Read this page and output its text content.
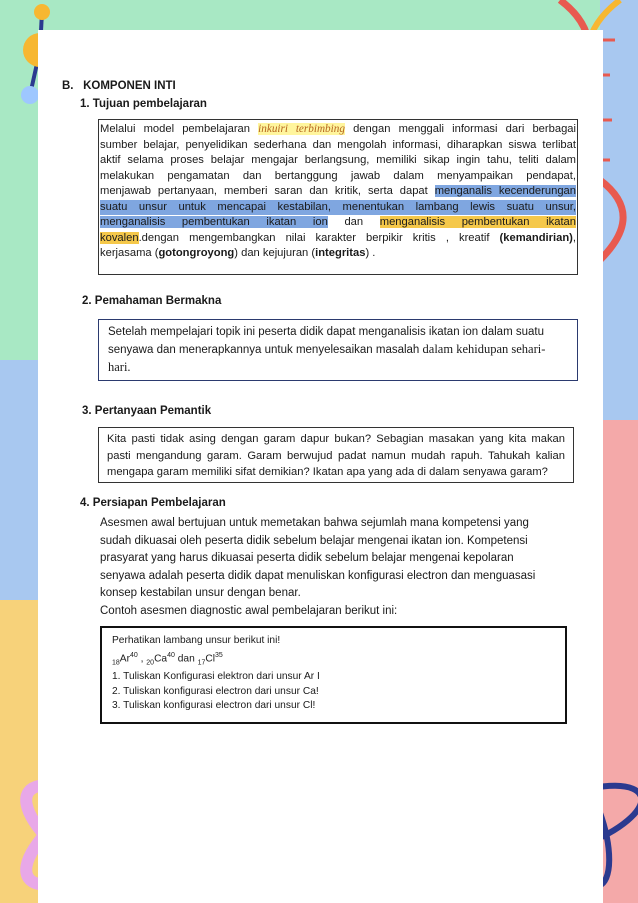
B. KOMPONEN INTI
1. Tujuan pembelajaran
Melalui model pembelajaran inkuiri terbimbing dengan menggali informasi dari berbagai
sumber belajar, penyelidikan sederhana dan mengolah informasi, diharapkan siswa terlibat
aktif selama proses belajar mengajar berlangsung, memiliki sikap ingin tahu, teliti dalam
melakukan pengamatan dan bertanggung jawab dalam menyampaikan pendapat,
menjawab pertanyaan, memberi saran dan kritik, serta dapat menganalis kecenderungan
suatu unsur untuk mencapai kestabilan, menentukan lambang lewis suatu unsur,
menganalisis pembentukan ikatan ion dan menganalisis pembentukan ikatan
kovalen.dengan mengembangkan nilai karakter berpikir kritis , kreatif (kemandirian),
kerjasama (gotongroyong) dan kejujuran (integritas) .
2. Pemahaman Bermakna
Setelah mempelajari topik ini peserta didik dapat menganalisis ikatan ion dalam suatu
senyawa dan menerapkannya untuk menyelesaikan masalah dalam kehidupan sehari-
hari.
3. Pertanyaan Pemantik
Kita pasti tidak asing dengan garam dapur bukan? Sebagian masakan yang kita makan
pasti mengandung garam. Garam berwujud padat namun mudah rapuh. Tahukah kalian
mengapa garam memiliki sifat demikian? Ikatan apa yang ada di dalam senyawa garam?
4. Persiapan Pembelajaran
Asesmen awal bertujuan untuk memetakan bahwa sejumlah mana kompetensi yang
sudah dikuasai oleh peserta didik sebelum belajar mengenai ikatan ion. Kompetensi
prasyarat yang harus dikuasai peserta didik sebelum belajar mengenai kepolaran
senyawa adalah peserta didik dapat menuliskan konfigurasi electron dan menguasasi
konsep kestabilan unsur dengan benar.
Contoh asesmen diagnostic awal pembelajaran berikut ini:
Perhatikan lambang unsur berikut ini!
$_{18}Ar^{40}$ , $_{20}Ca^{40}$ dan $_{17}Cl^{35}$
1. Tuliskan Konfigurasi elektron dari unsur Ar I
2. Tuliskan konfigurasi electron dari unsur Ca!
3. Tuliskan konfigurasi electron dari unsur Cl!
